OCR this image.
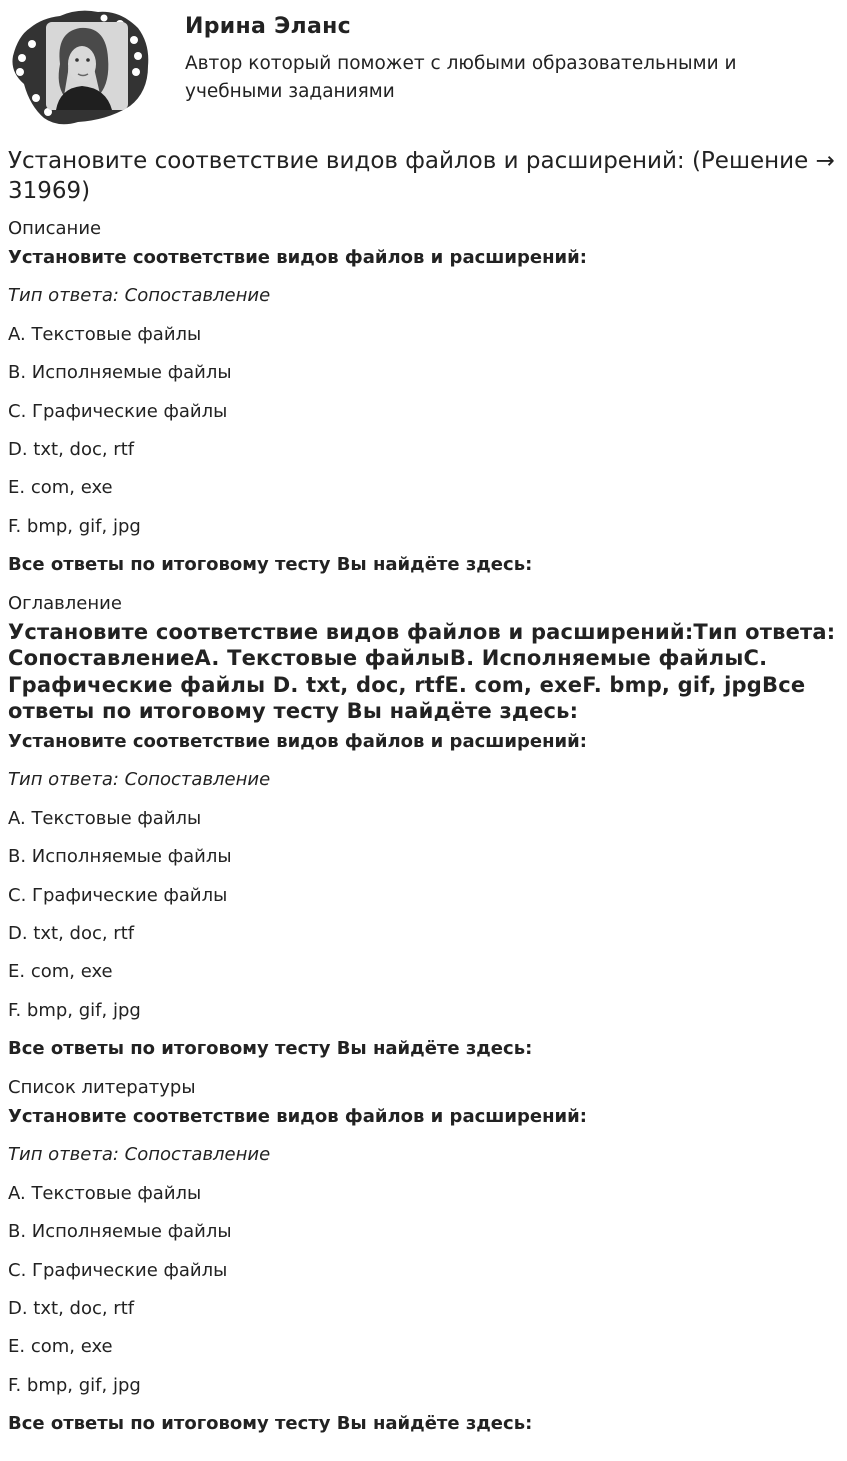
Ирина Эланс
Автор который поможет с любыми образовательными и учебными заданиями
Установите соответствие видов файлов и расширений: (Решение → 31969)
Описание

Установите соответствие видов файлов и расширений:

Тип ответа: Сопоставление

A. Текстовые файлы

B. Исполняемые файлы

C. Графические файлы

D. txt, doc, rtf

E. com, exe

F. bmp, gif, jpg

Все ответы по итоговому тесту Вы найдёте здесь:

Оглавление
Установите соответствие видов файлов и расширений:Тип ответа: СопоставлениеA. Текстовые файлыB. Исполняемые файлыC. Графические файлы D. txt, doc, rtfE. com, exeF. bmp, gif, jpgВсе ответы по итоговому тесту Вы найдёте здесь:

Установите соответствие видов файлов и расширений:

Тип ответа: Сопоставление

A. Текстовые файлы

B. Исполняемые файлы

C. Графические файлы

D. txt, doc, rtf

E. com, exe

F. bmp, gif, jpg

Все ответы по итоговому тесту Вы найдёте здесь:

Список литературы

Установите соответствие видов файлов и расширений:

Тип ответа: Сопоставление

A. Текстовые файлы

B. Исполняемые файлы

C. Графические файлы

D. txt, doc, rtf

E. com, exe

F. bmp, gif, jpg

Все ответы по итоговому тесту Вы найдёте здесь:
